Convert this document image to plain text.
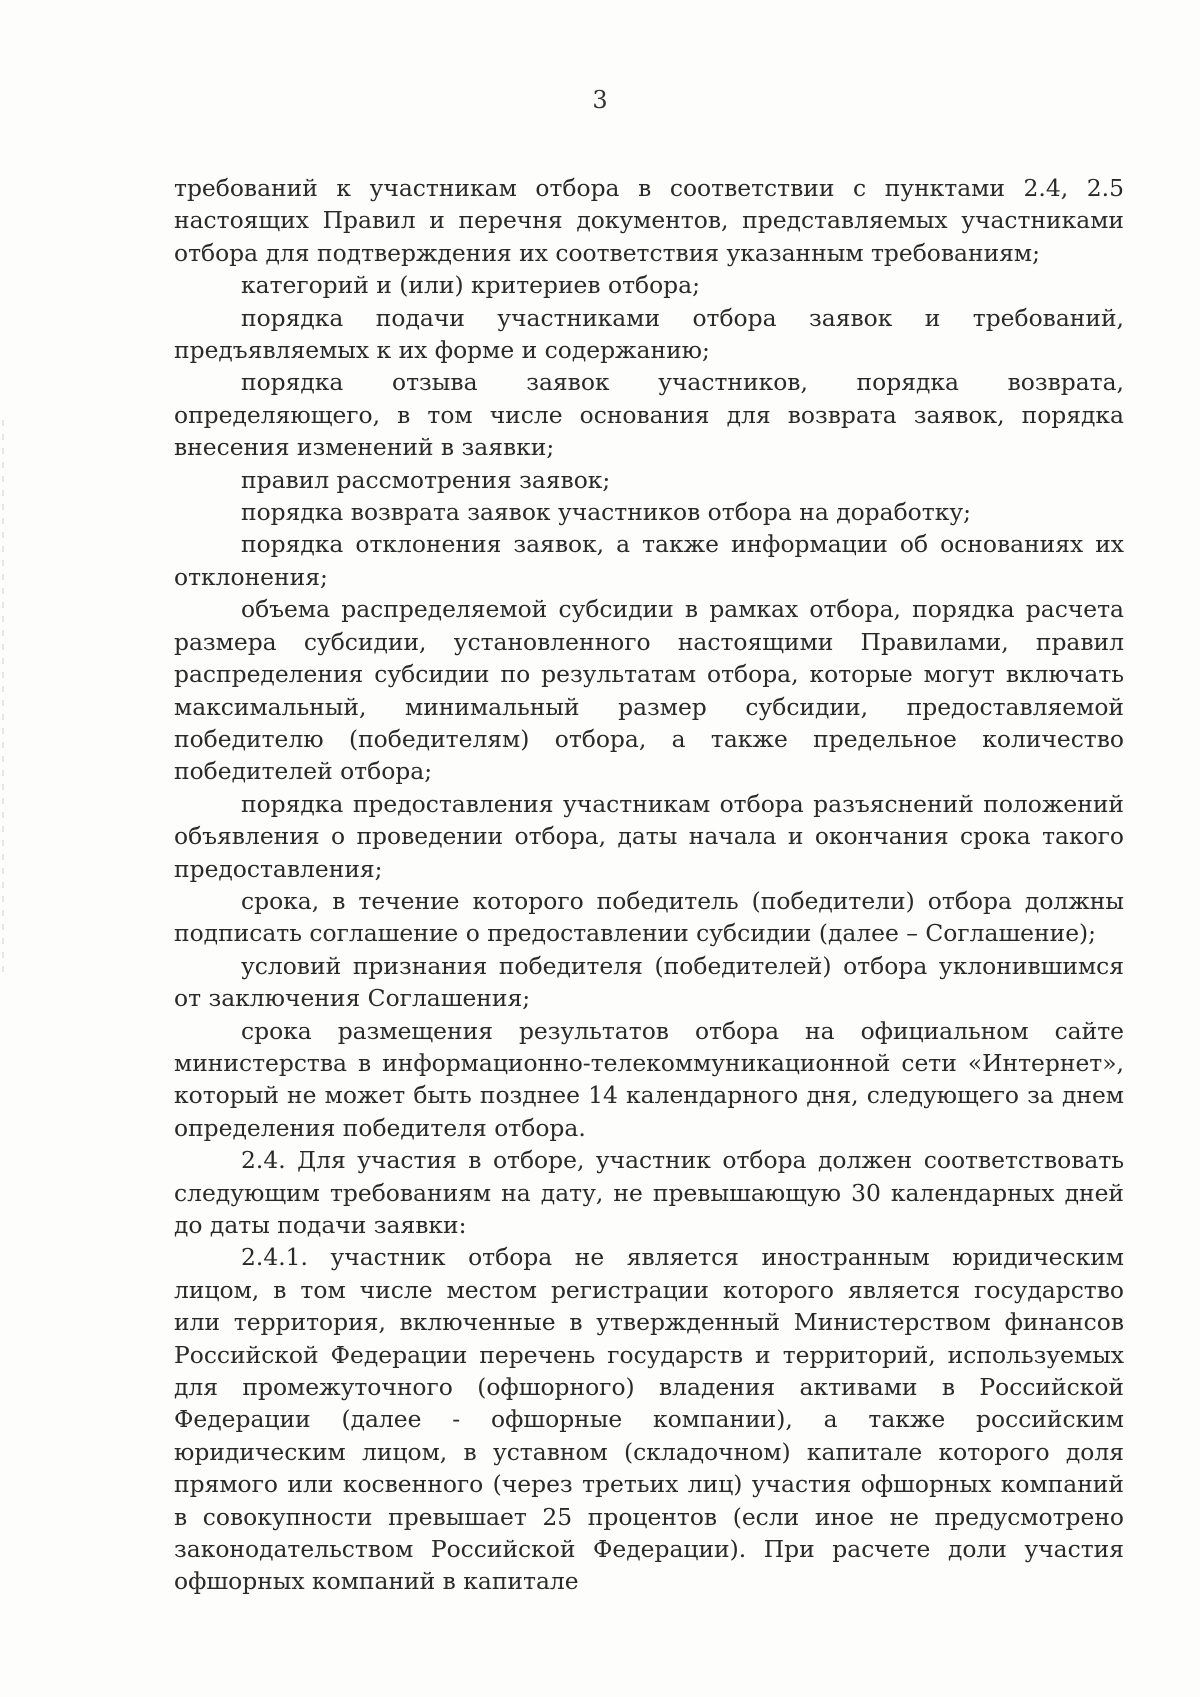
3

требований к участникам отбора в соответствии с пунктами 2.4, 2.5 настоящих Правил и перечня документов, представляемых участниками отбора для подтверждения их соответствия указанным требованиям;

категорий и (или) критериев отбора;

порядка подачи участниками отбора заявок и требований, предъявляемых к их форме и содержанию;

порядка отзыва заявок участников, порядка возврата, определяющего, в том числе основания для возврата заявок, порядка внесения изменений в заявки;

правил рассмотрения заявок;

порядка возврата заявок участников отбора на доработку;

порядка отклонения заявок, а также информации об основаниях их отклонения;

объема распределяемой субсидии в рамках отбора, порядка расчета размера субсидии, установленного настоящими Правилами, правил распределения субсидии по результатам отбора, которые могут включать максимальный, минимальный размер субсидии, предоставляемой победителю (победителям) отбора, а также предельное количество победителей отбора;

порядка предоставления участникам отбора разъяснений положений объявления о проведении отбора, даты начала и окончания срока такого предоставления;

срока, в течение которого победитель (победители) отбора должны подписать соглашение о предоставлении субсидии (далее – Соглашение);

условий признания победителя (победителей) отбора уклонившимся от заключения Соглашения;

срока размещения результатов отбора на официальном сайте министерства в информационно-телекоммуникационной сети «Интернет», который не может быть позднее 14 календарного дня, следующего за днем определения победителя отбора.

2.4. Для участия в отборе, участник отбора должен соответствовать следующим требованиям на дату, не превышающую 30 календарных дней до даты подачи заявки:

2.4.1. участник отбора не является иностранным юридическим лицом, в том числе местом регистрации которого является государство или территория, включенные в утвержденный Министерством финансов Российской Федерации перечень государств и территорий, используемых для промежуточного (офшорного) владения активами в Российской Федерации (далее - офшорные компании), а также российским юридическим лицом, в уставном (складочном) капитале которого доля прямого или косвенного (через третьих лиц) участия офшорных компаний в совокупности превышает 25 процентов (если иное не предусмотрено законодательством Российской Федерации). При расчете доли участия офшорных компаний в капитале
